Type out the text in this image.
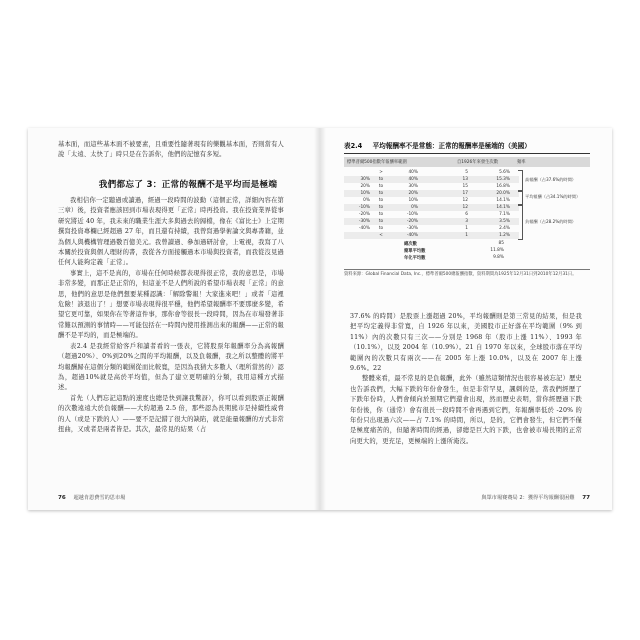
基本面，而這些基本面不被要素，且重要性隨著現有的樂觀基本面，否則當有人說「太遠、太快了」時只是在告訴你，他們的記憶有多短。

我們都忘了 3：正常的報酬不是平均而是極端

我相信你一定聽過或讀過，經過一段時間的波動（這個正常，詳細內容在第三章）後，投資者應該回到市場表現得更「正常」時再投資。我在投資業界從事研究將近 40 年，我未來的職業生涯大多與過去的歸檔，像在《富比士》上定期撰寫投資專欄已經超過 27 年，而且還有持續，我曾寫過學術論文與專書籍，並為個人與機構管理過數百億美元。我曾讀過、參加過研討會，上電視，我寫了八本關於投資與個人理財的書，我從各方面接觸過本市場與投資者，而我從沒見過任何人能夠定義「正常」。

事實上，這不是真的，市場在任何時候都表現得很正常，我的意思是，市場非常多變，而那正是正常的，但這並不是人們所說的希望市場表現「正常」的意思，他們的意思是他們想要某種認識：「解除警報！大家進來吧！」或者「這裡危險！該退出了！」想要市場表現得很平穩，他們希望報酬率不要那麼多變，希望它更可靠，如果你在等著這件事，那你會等很長一段時間，因為在市場發著非常難以預測的事情時——可能包括在一時間內使用推測出來的報酬——正常的報酬不是平均的，而是極端的。

表2.4 是我經常給客戶和讀者看的一張表，它將股票年報酬率分為高報酬（超過20%）、0%到20%之間的平均報酬，以及負報酬，我之所以整體的將平均報酬歸在這個分類的範圍從而比較寬，是因為我猜大多數人（理所當然的）認為，超過10%就是高於平均值，但為了建立更明確的分類，我用這種方式描述。

首先（人們忘記這點的速度也總是快到讓我驚訝），你可以看到股票正報酬的次數遠遠大於負報酬——大約超過 2.5 倍，那些認為長期熊市是持續性威脅的人（或是下跌的人）——要不是記錯了很大的缺陷，就是能量報酬的方式非常扭曲，又或者是兩者皆是。其次，最常見的結果（占

76 超越肯恩費雪的思市場
表2.4 平均報酬率不是常態：正常的報酬率是極端的（美國）
標準普爾500指數年報酬率範圍	自1926年來發生次數	頻率
>	40%	5	5.6%
30%	to	40%	13	15.3%
20%	to	30%	15	16.8%
10%	to	20%	17	20.0%
0%	to	10%	12	14.1%
-10%	to	0%	12	14.1%
-20%	to	-10%	6	7.1%
-30%	to	-20%	3	3.5%
-40%	to	-30%	1	2.4%
<	-40%	1	1.2%
高報酬（占37.6%的時間）
平均報酬（占34.1%的時間）
負報酬（占28.2%的時間）
總次數	85
簡單平均數	11.8%
年化平均數	9.8%
資料來源：Global Financial Data, Inc.，標準普爾500總報酬指數，資料期間為1925年12月31日到2010年12月31日。

37.6% 的時間）是股票上漲超過 20%，平均報酬則是第三常見的結果，但是我把平均定義得非常寬，自 1926 年以來，美國股市正好落在平均範圍（9% 到 11%）內的次數只有三次——分別是 1968 年（股市上漲 11%）、1993 年（10.1%），以及 2004 年（10.9%）。21 自 1970 年以來，全球股市落在平均範圍內的次數只有兩次——在 2005 年上漲 10.0%，以及在 2007 年上漲 9.6%。22

整體來看，最不常見的是負報酬，此外（雖然這類情況也很容易被忘記）歷史也告訴我們，大幅下跌的年份會發生，但是非常罕見，諷刺的是，當我們經歷了下跌年份時，人們會傾向於預期它們還會出現，然而歷史表明，當你經歷過下跌年份後，你（通常）會有很長一段時間不會再遇到它們，年報酬率低於 -20% 的年份只出現過六次——占 7.1% 的時間，所以，是的，它們會發生，但它們不僅是極度痛苦的，但隨著時間的經過，卻總是巨大的下跌，也會被市場長期的正常向更大的，更充足，更極端的上漲所淹沒。

與眾市場賽賽局 2：獲得平均報酬很困難 77
